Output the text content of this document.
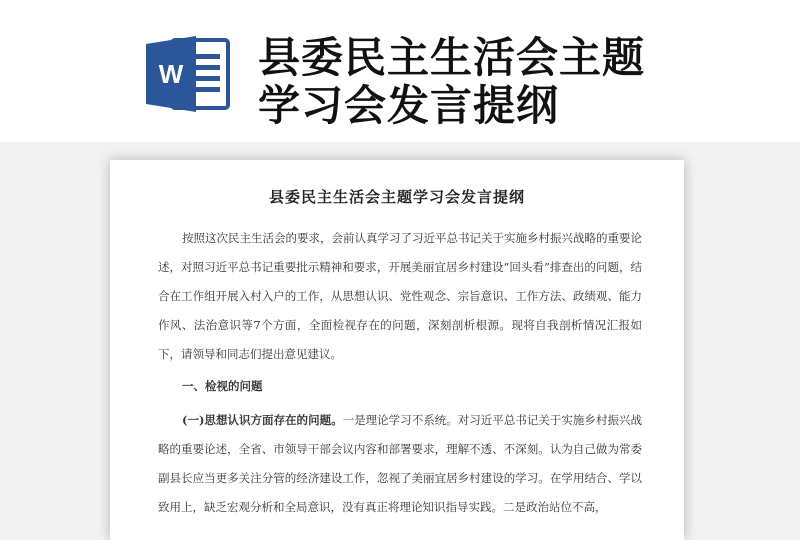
W 县委民主生活会主题
学习会发言提纲
县委民主生活会主题学习会发言提纲

按照这次民主生活会的要求，会前认真学习了习近平总书记关于实施乡村振兴战略的重要论述，对照习近平总书记重要批示精神和要求，开展美丽宜居乡村建设“回头看”排查出的问题，结合在工作组开展入村入户的工作，从思想认识、党性观念、宗旨意识、工作方法、政绩观、能力作风、法治意识等7个方面，全面检视存在的问题，深刻剖析根源。现将自我剖析情况汇报如下，请领导和同志们提出意见建议。

一、检视的问题

(一)思想认识方面存在的问题。一是理论学习不系统。对习近平总书记关于实施乡村振兴战略的重要论述，全省、市领导干部会议内容和部署要求，理解不透、不深刻。认为自己做为常委副县长应当更多关注分管的经济建设工作，忽视了美丽宜居乡村建设的学习。在学用结合、学以致用上，缺乏宏观分析和全局意识，没有真正将理论知识指导实践。二是政治站位不高，
